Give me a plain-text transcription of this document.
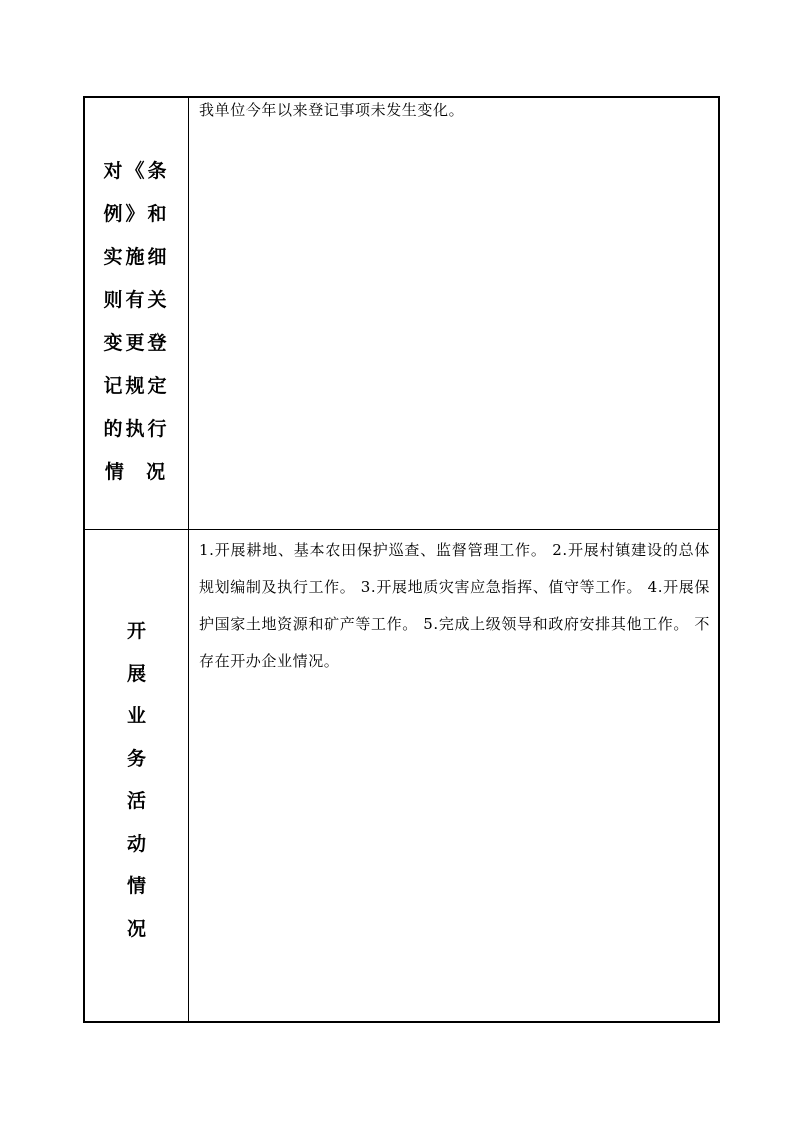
对《条
例》和
实施细
则有关
变更登
记规定
的执行
情  况
我单位今年以来登记事项未发生变化。
开
展
业
务
活
动
情
况
1.开展耕地、基本农田保护巡查、监督管理工作。 2.开展村镇建设的总体规划编制及执行工作。 3.开展地质灾害应急指挥、值守等工作。 4.开展保护国家土地资源和矿产等工作。 5.完成上级领导和政府安排其他工作。 不存在开办企业情况。
